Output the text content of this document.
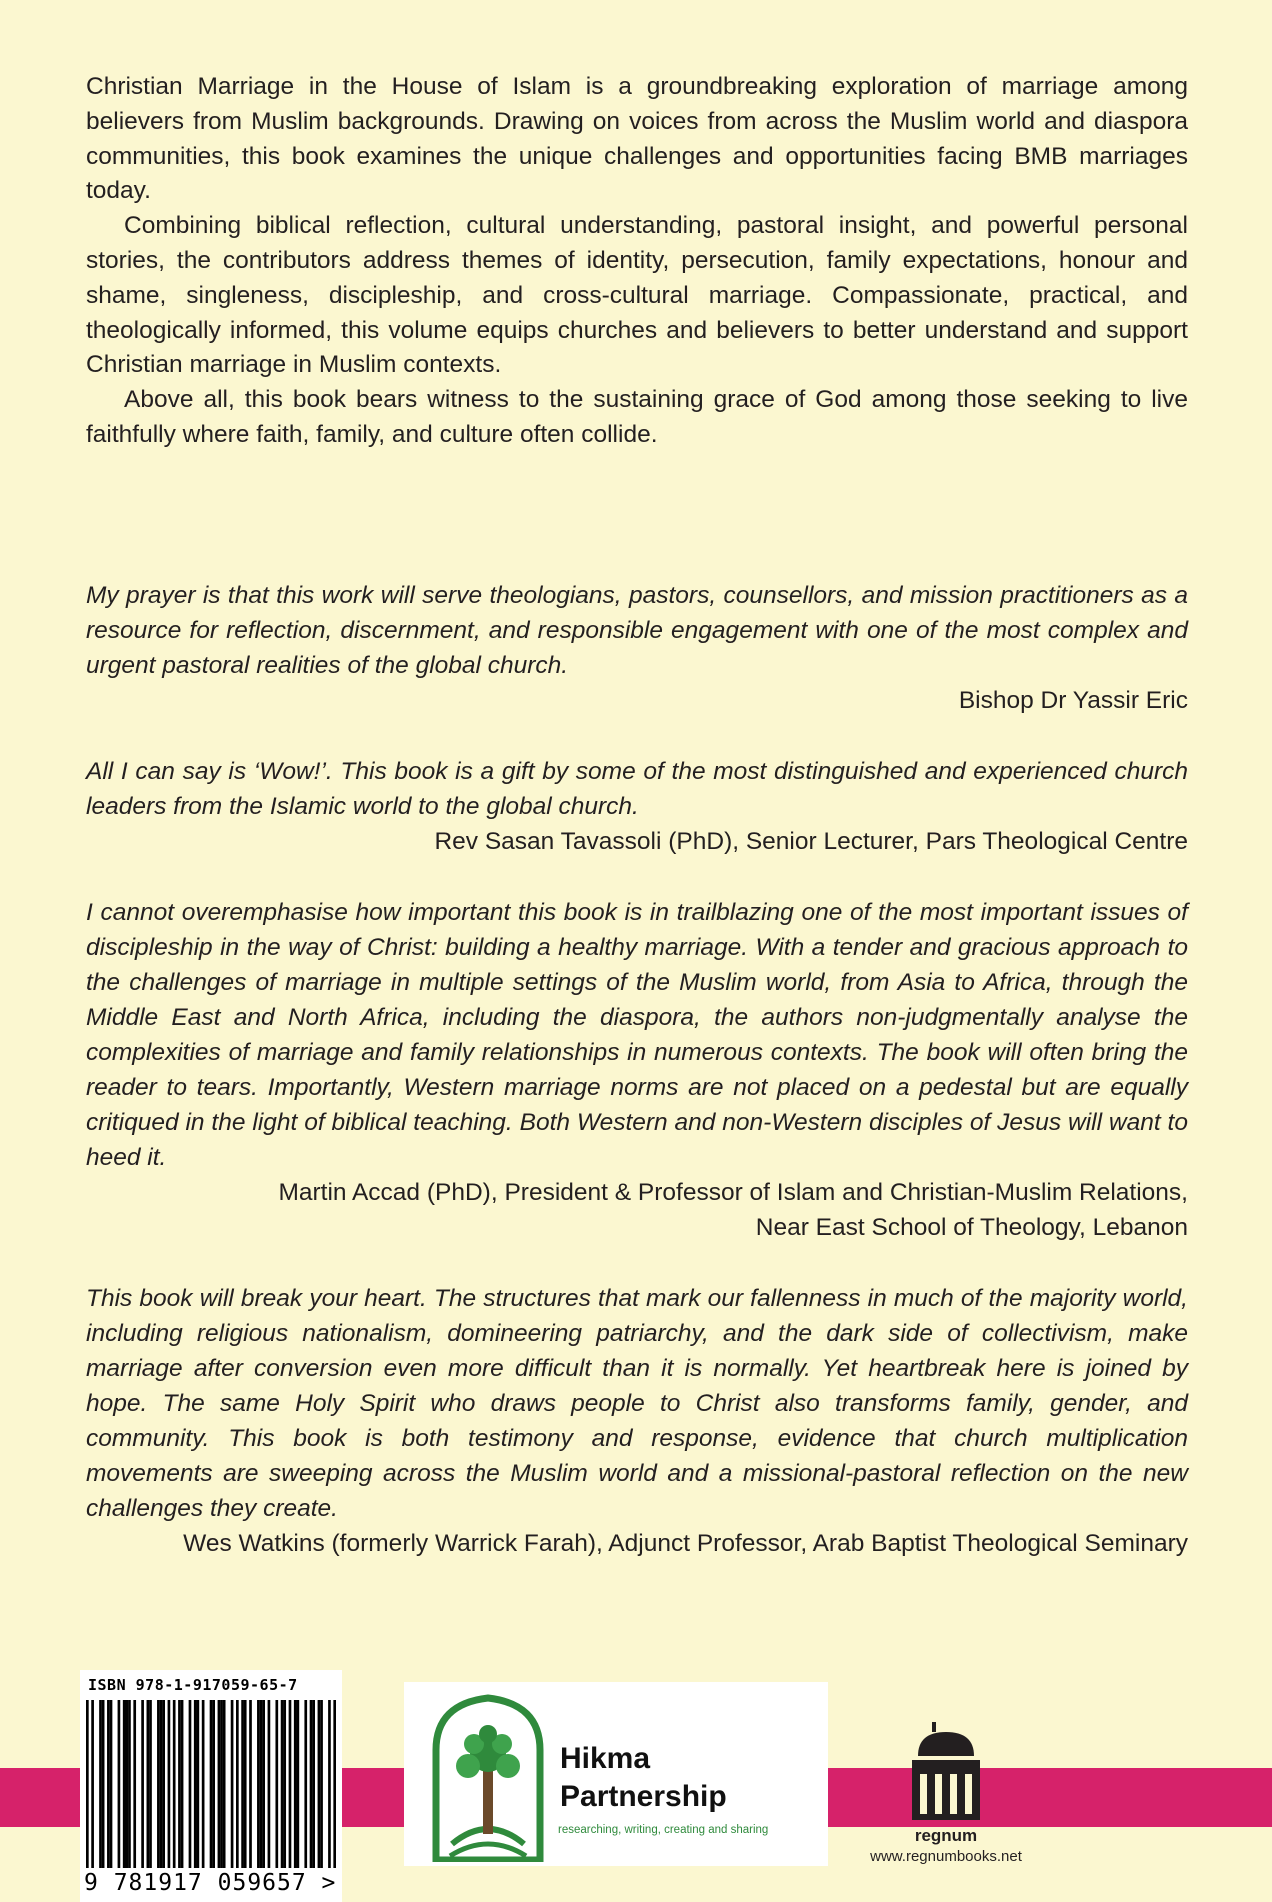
Christian Marriage in the House of Islam is a groundbreaking exploration of marriage among believers from Muslim backgrounds. Drawing on voices from across the Muslim world and diaspora communities, this book examines the unique challenges and opportunities facing BMB marriages today.

Combining biblical reflection, cultural understanding, pastoral insight, and powerful personal stories, the contributors address themes of identity, persecution, family expectations, honour and shame, singleness, discipleship, and cross-cultural marriage. Compassionate, practical, and theologically informed, this volume equips churches and believers to better understand and support Christian marriage in Muslim contexts.

Above all, this book bears witness to the sustaining grace of God among those seeking to live faithfully where faith, family, and culture often collide.

My prayer is that this work will serve theologians, pastors, counsellors, and mission practitioners as a resource for reflection, discernment, and responsible engagement with one of the most complex and urgent pastoral realities of the global church.

Bishop Dr Yassir Eric

All I can say is ‘Wow!’. This book is a gift by some of the most distinguished and experienced church leaders from the Islamic world to the global church.

Rev Sasan Tavassoli (PhD), Senior Lecturer, Pars Theological Centre

I cannot overemphasise how important this book is in trailblazing one of the most important issues of discipleship in the way of Christ: building a healthy marriage. With a tender and gracious approach to the challenges of marriage in multiple settings of the Muslim world, from Asia to Africa, through the Middle East and North Africa, including the diaspora, the authors non-judgmentally analyse the complexities of marriage and family relationships in numerous contexts. The book will often bring the reader to tears. Importantly, Western marriage norms are not placed on a pedestal but are equally critiqued in the light of biblical teaching. Both Western and non-Western disciples of Jesus will want to heed it.

Martin Accad (PhD), President & Professor of Islam and Christian-Muslim Relations,

Near East School of Theology, Lebanon

This book will break your heart. The structures that mark our fallenness in much of the majority world, including religious nationalism, domineering patriarchy, and the dark side of collectivism, make marriage after conversion even more difficult than it is normally. Yet heartbreak here is joined by hope. The same Holy Spirit who draws people to Christ also transforms family, gender, and community. This book is both testimony and response, evidence that church multiplication movements are sweeping across the Muslim world and a missional-pastoral reflection on the new challenges they create.

Wes Watkins (formerly Warrick Farah), Adjunct Professor, Arab Baptist Theological Seminary

ISBN 978-1-917059-65-7
9 781917 059657 >
Hikma
Partnership
researching, writing, creating and sharing	regnum
www.regnumbooks.net
